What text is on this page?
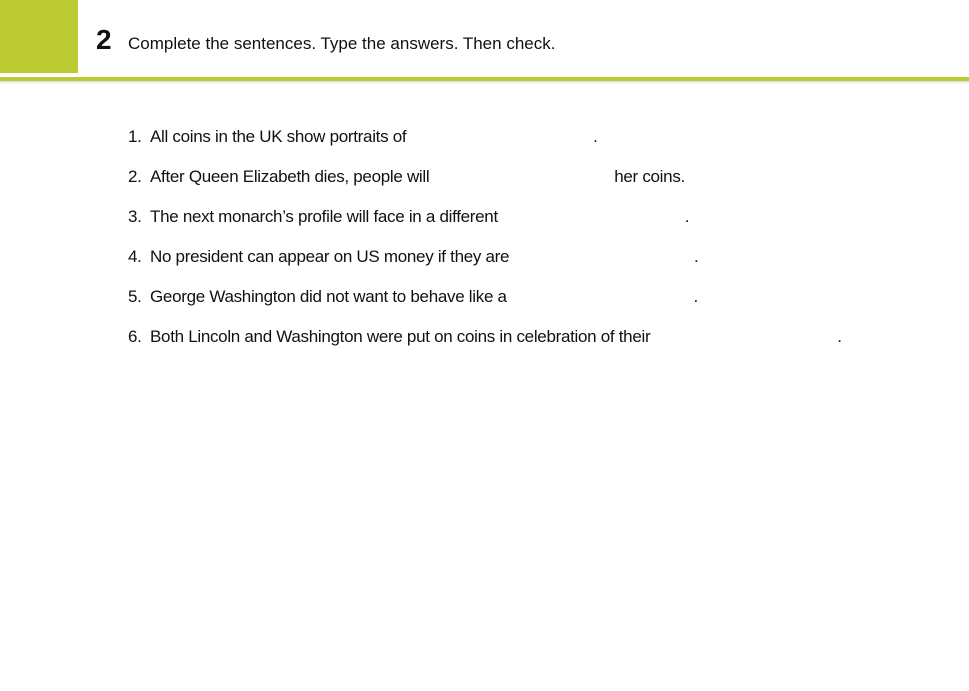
2 Complete the sentences. Type the answers. Then check.
1. All coins in the UK show portraits of	.
2. After Queen Elizabeth dies, people will	her coins.
3. The next monarch’s profile will face in a different	.
4. No president can appear on US money if they are	.
5. George Washington did not want to behave like a	.
6. Both Lincoln and Washington were put on coins in celebration of their	.
